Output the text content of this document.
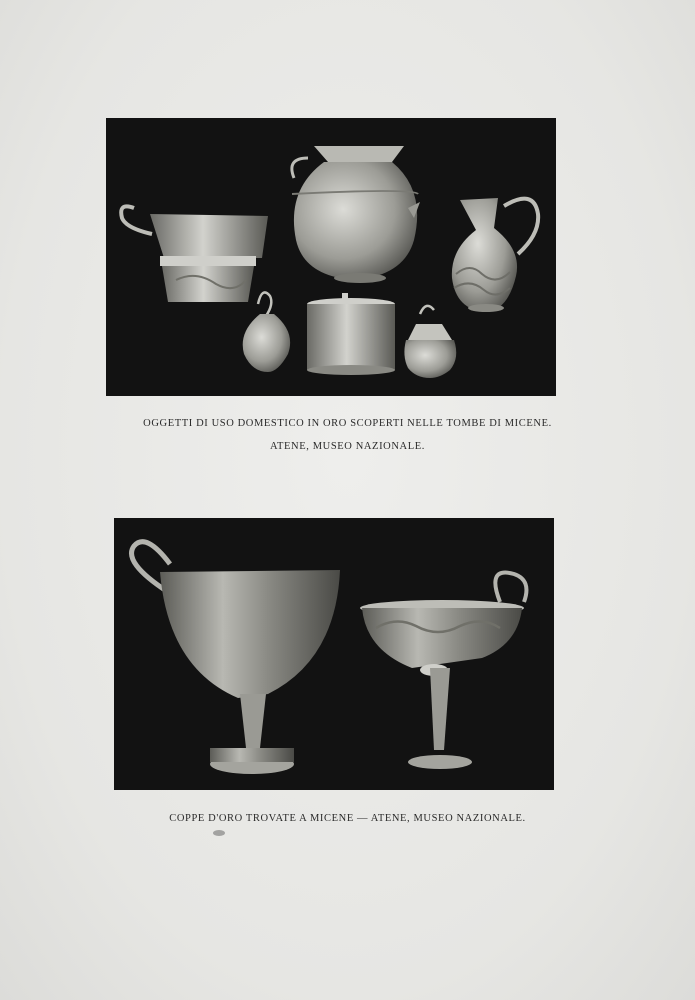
OGGETTI DI USO DOMESTICO IN ORO SCOPERTI NELLE TOMBE DI MICENE.
ATENE, MUSEO NAZIONALE.
COPPE D'ORO TROVATE A MICENE — ATENE, MUSEO NAZIONALE.
